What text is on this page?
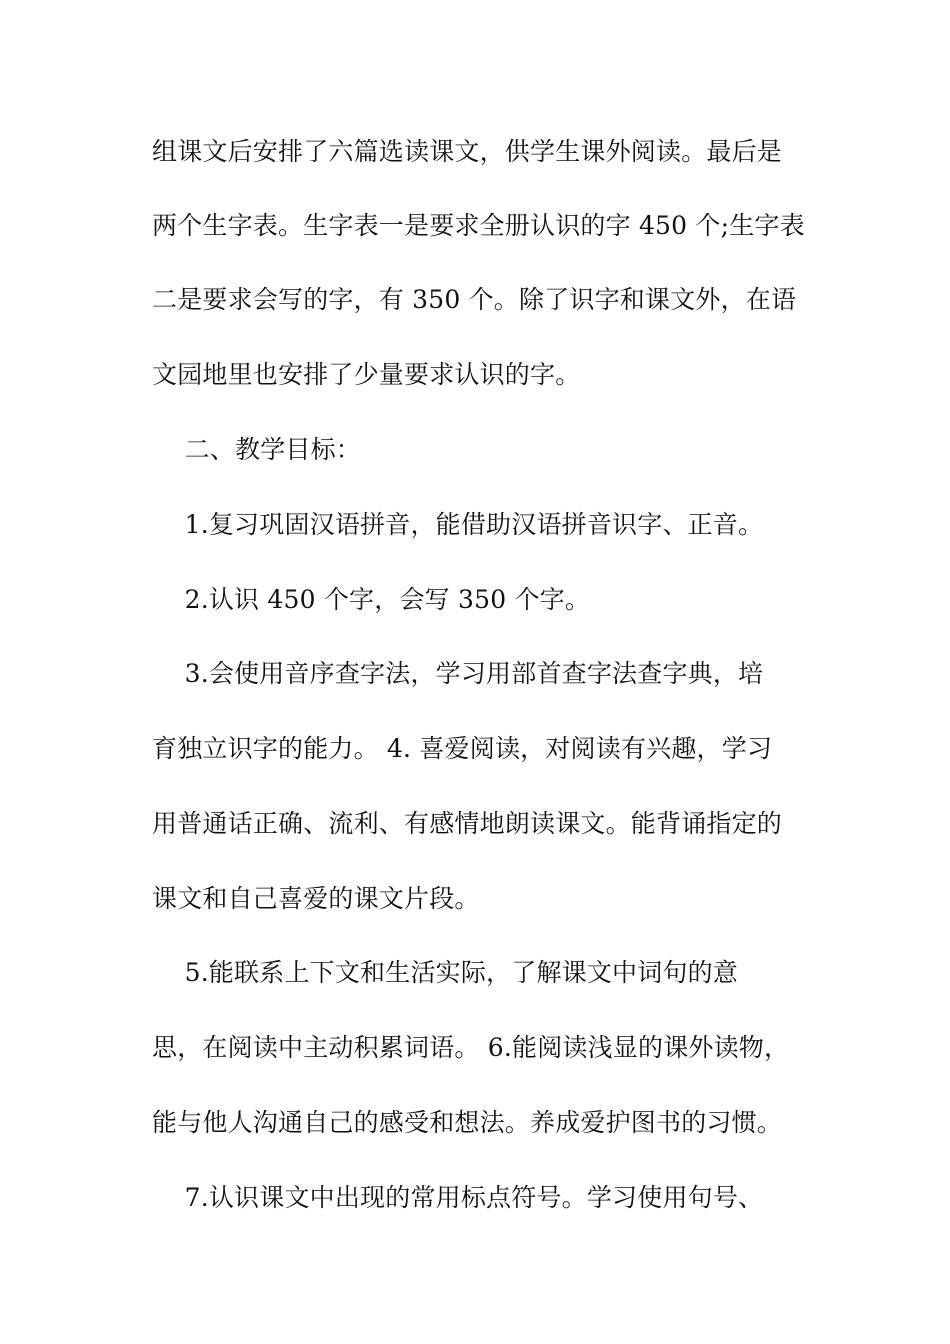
组课文后安排了六篇选读课文，供学生课外阅读。最后是
两个生字表。生字表一是要求全册认识的字 450 个;生字表
二是要求会写的字，有 350 个。除了识字和课文外，在语
文园地里也安排了少量要求认识的字。
二、教学目标：
1.复习巩固汉语拼音，能借助汉语拼音识字、正音。
2.认识 450 个字，会写 350 个字。
3.会使用音序查字法，学习用部首查字法查字典，培
育独立识字的能力。 4. 喜爱阅读，对阅读有兴趣，学习
用普通话正确、流利、有感情地朗读课文。能背诵指定的
课文和自己喜爱的课文片段。
5.能联系上下文和生活实际，了解课文中词句的意
思，在阅读中主动积累词语。 6.能阅读浅显的课外读物，
能与他人沟通自己的感受和想法。养成爱护图书的习惯。
7.认识课文中出现的常用标点符号。学习使用句号、
